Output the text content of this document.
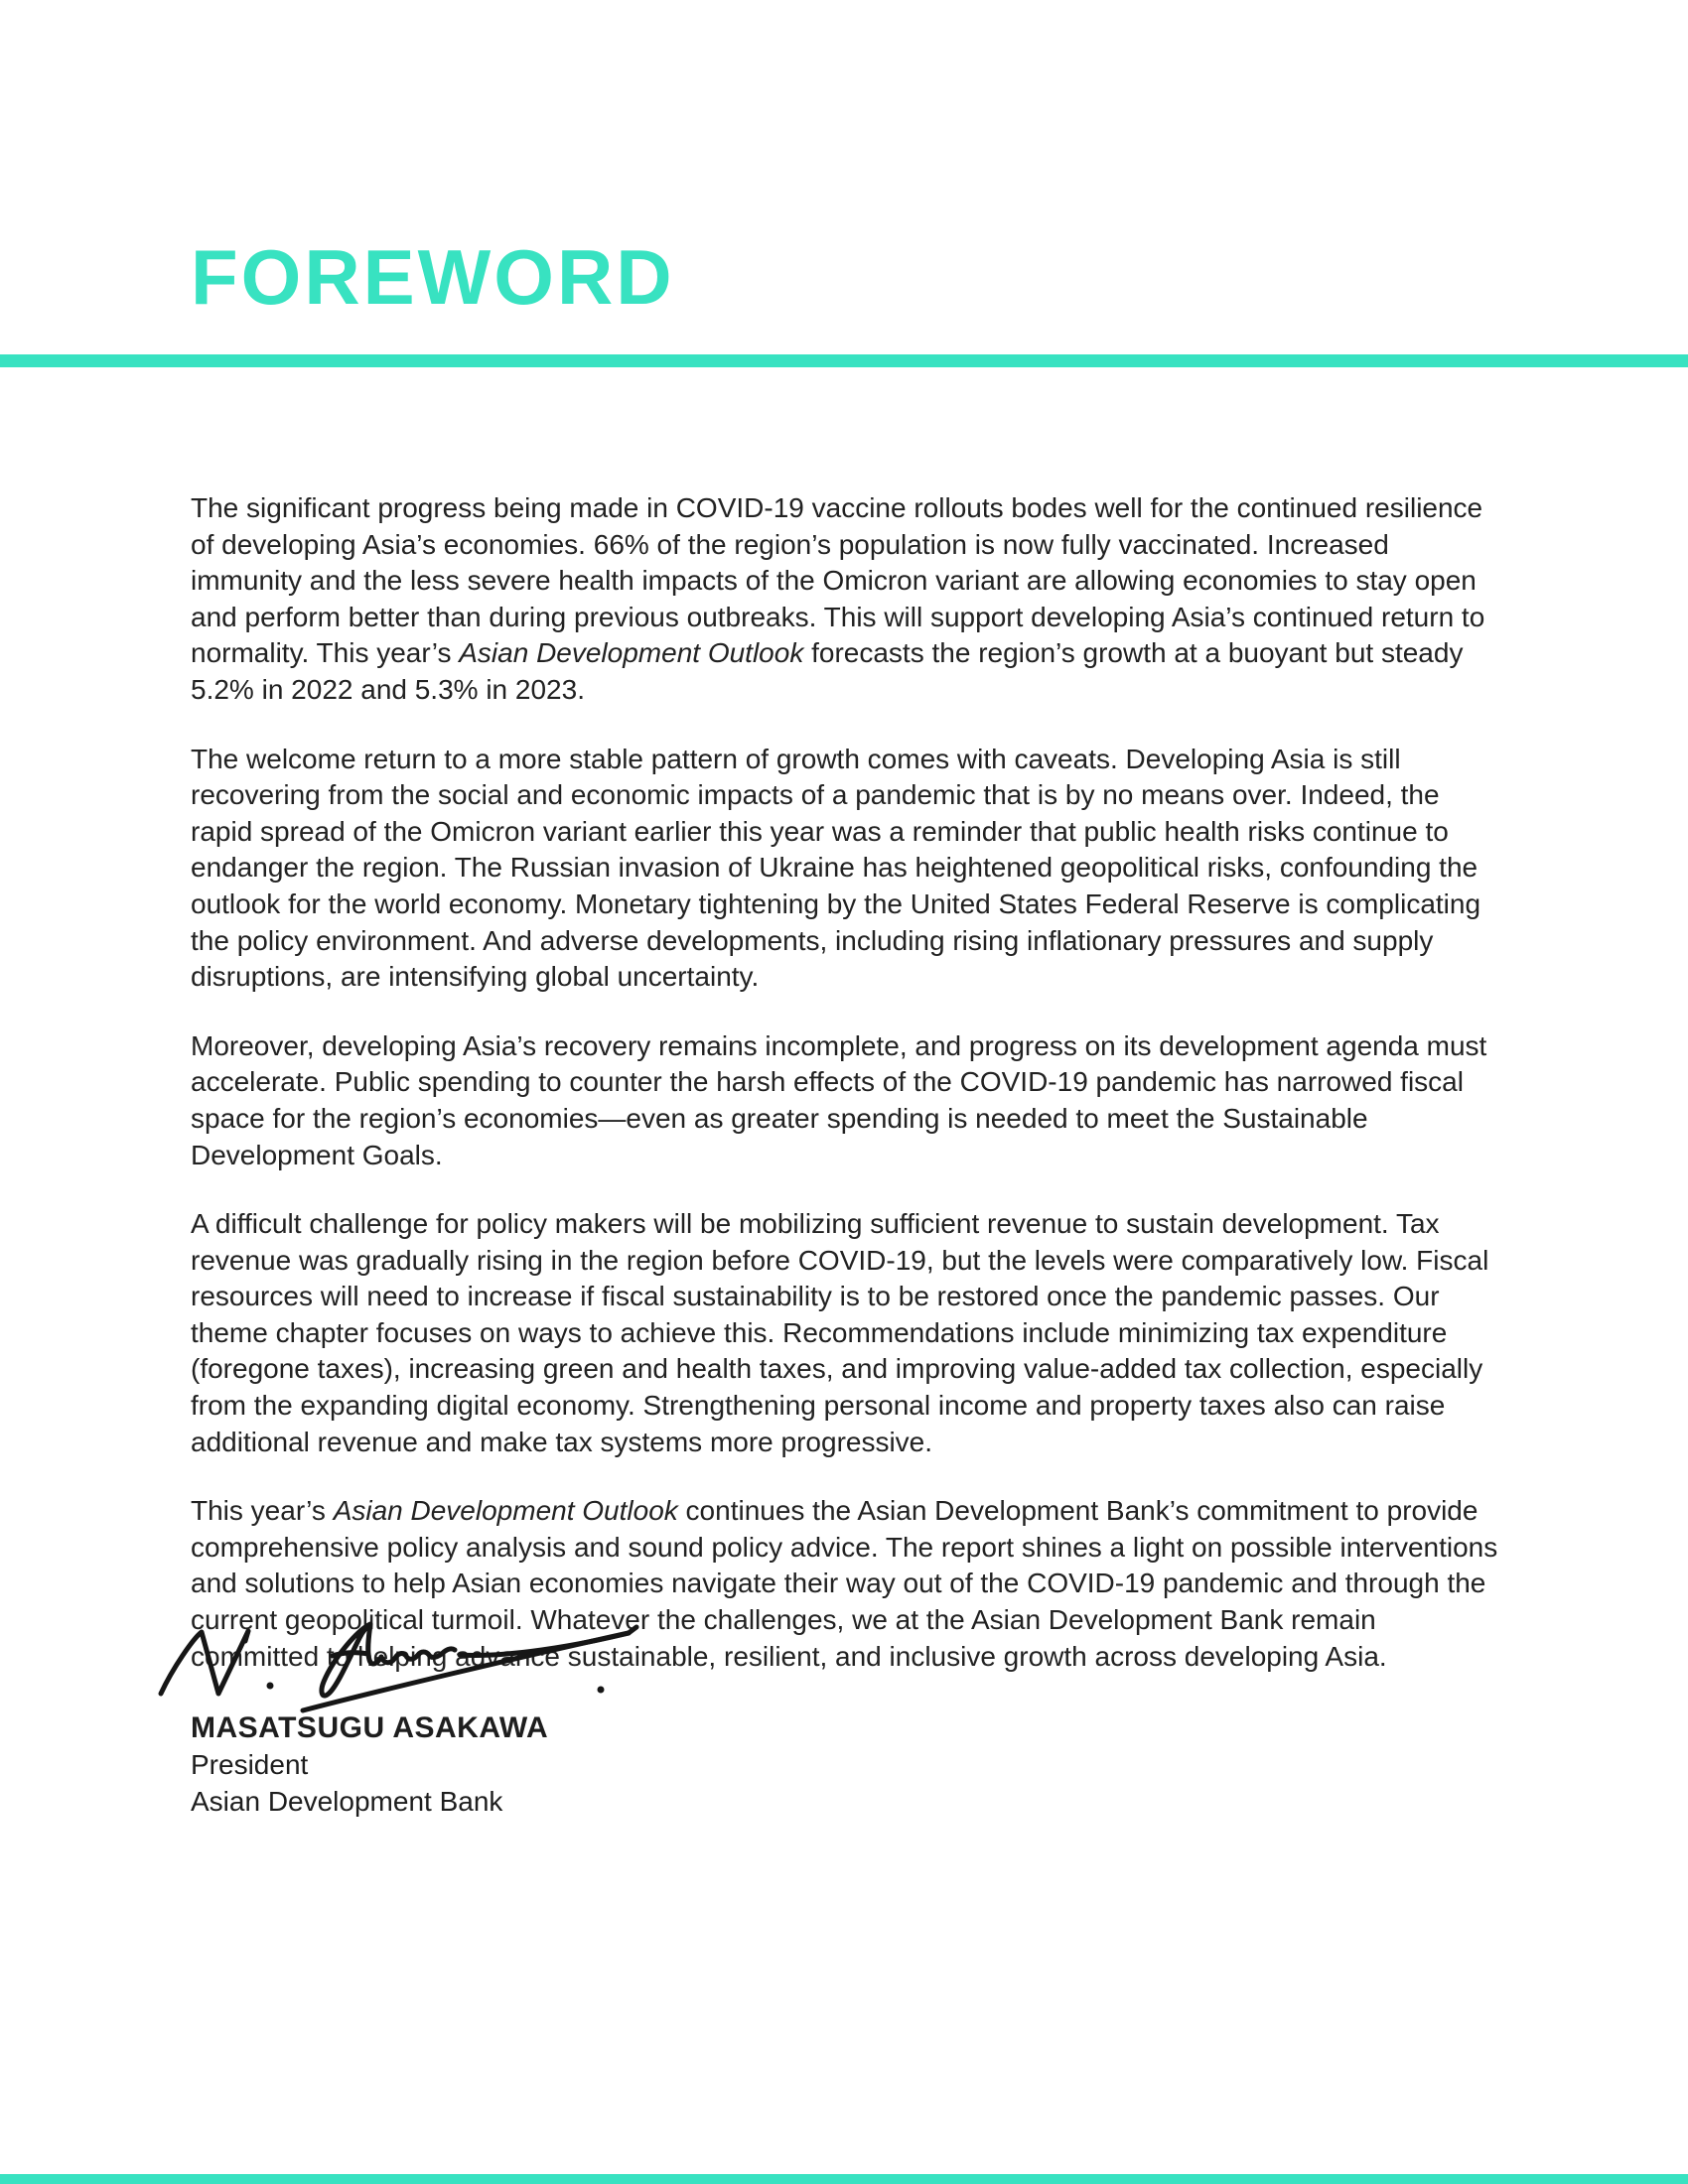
FOREWORD

The significant progress being made in COVID-19 vaccine rollouts bodes well for the continued resilience of developing Asia’s economies. 66% of the region’s population is now fully vaccinated. Increased immunity and the less severe health impacts of the Omicron variant are allowing economies to stay open and perform better than during previous outbreaks. This will support developing Asia’s continued return to normality. This year’s Asian Development Outlook forecasts the region’s growth at a buoyant but steady 5.2% in 2022 and 5.3% in 2023.

The welcome return to a more stable pattern of growth comes with caveats. Developing Asia is still recovering from the social and economic impacts of a pandemic that is by no means over. Indeed, the rapid spread of the Omicron variant earlier this year was a reminder that public health risks continue to endanger the region. The Russian invasion of Ukraine has heightened geopolitical risks, confounding the outlook for the world economy. Monetary tightening by the United States Federal Reserve is complicating the policy environment. And adverse developments, including rising inflationary pressures and supply disruptions, are intensifying global uncertainty.

Moreover, developing Asia’s recovery remains incomplete, and progress on its development agenda must accelerate. Public spending to counter the harsh effects of the COVID-19 pandemic has narrowed fiscal space for the region’s economies—even as greater spending is needed to meet the Sustainable Development Goals.

A difficult challenge for policy makers will be mobilizing sufficient revenue to sustain development. Tax revenue was gradually rising in the region before COVID-19, but the levels were comparatively low. Fiscal resources will need to increase if fiscal sustainability is to be restored once the pandemic passes. Our theme chapter focuses on ways to achieve this. Recommendations include minimizing tax expenditure (foregone taxes), increasing green and health taxes, and improving value-added tax collection, especially from the expanding digital economy. Strengthening personal income and property taxes also can raise additional revenue and make tax systems more progressive.

This year’s Asian Development Outlook continues the Asian Development Bank’s commitment to provide comprehensive policy analysis and sound policy advice. The report shines a light on possible interventions and solutions to help Asian economies navigate their way out of the COVID-19 pandemic and through the current geopolitical turmoil. Whatever the challenges, we at the Asian Development Bank remain committed to helping advance sustainable, resilient, and inclusive growth across developing Asia.

MASATSUGU ASAKAWA
President
Asian Development Bank
